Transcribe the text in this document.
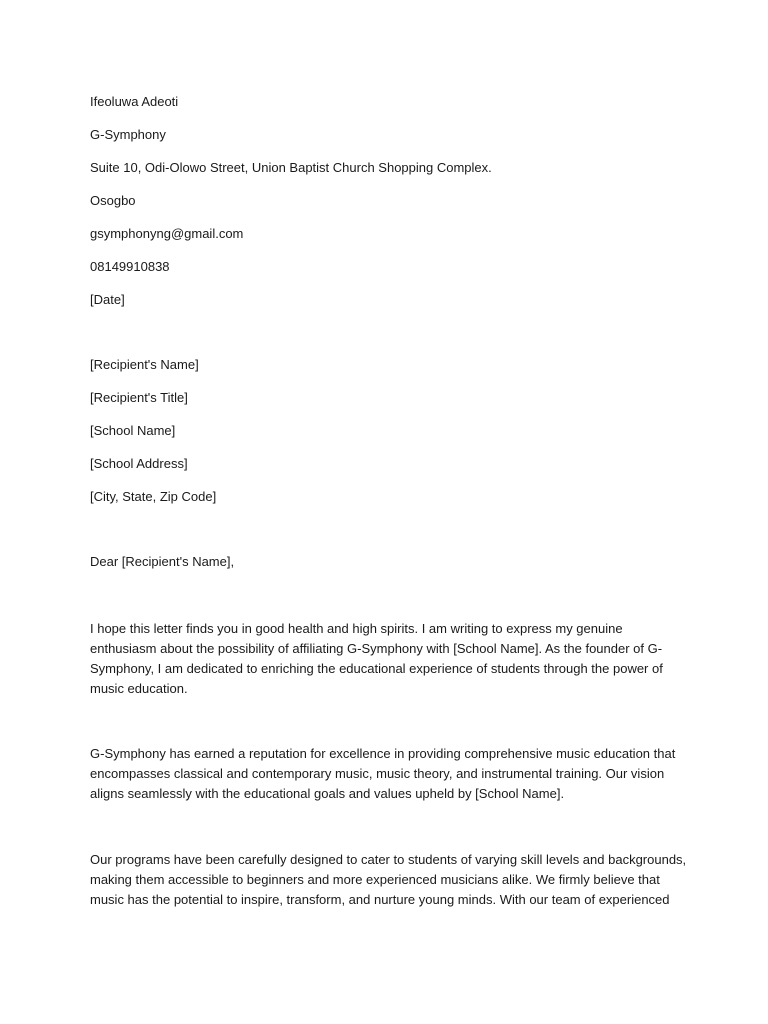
Ifeoluwa Adeoti

G-Symphony

Suite 10, Odi-Olowo Street, Union Baptist Church Shopping Complex.

Osogbo

gsymphonyng@gmail.com

08149910838

[Date]

[Recipient's Name]

[Recipient's Title]

[School Name]

[School Address]

[City, State, Zip Code]

Dear [Recipient's Name],

I hope this letter finds you in good health and high spirits. I am writing to express my genuine
enthusiasm about the possibility of affiliating G-Symphony with [School Name]. As the founder of G-
Symphony, I am dedicated to enriching the educational experience of students through the power of
music education.
G-Symphony has earned a reputation for excellence in providing comprehensive music education that
encompasses classical and contemporary music, music theory, and instrumental training. Our vision
aligns seamlessly with the educational goals and values upheld by [School Name].
Our programs have been carefully designed to cater to students of varying skill levels and backgrounds,
making them accessible to beginners and more experienced musicians alike. We firmly believe that
music has the potential to inspire, transform, and nurture young minds. With our team of experienced
